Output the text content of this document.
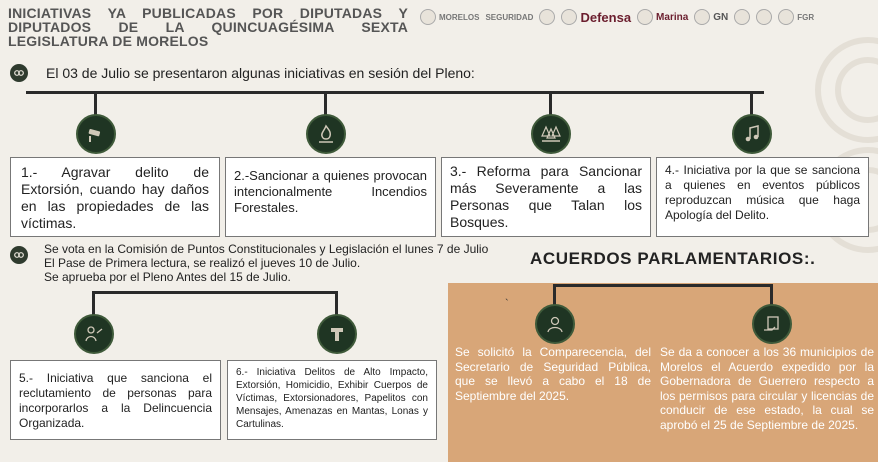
INICIATIVAS YA PUBLICADAS POR DIPUTADAS Y DIPUTADOS DE LA QUINCUAGÉSIMA SEXTA LEGISLATURA DE MORELOS
MORELOS SEGURIDAD	Defensa	Marina	GN	FGR
El 03 de Julio se presentaron algunas iniciativas en sesión del Pleno:
1.- Agravar delito de Extorsión, cuando hay daños en las propiedades de las víctimas.
2.-Sancionar a quienes provocan intencionalmente Incendios Forestales.
3.- Reforma para Sancionar más Severamente a las Personas que Talan los Bosques.
4.- Iniciativa por la que se sanciona a quienes en eventos públicos reproduzcan música que haga Apología del Delito.
Se vota en la Comisión de Puntos Constitucionales y Legislación el lunes 7 de Julio
El Pase de Primera lectura, se realizó el jueves 10 de Julio.
Se aprueba por el Pleno Antes del 15 de Julio.
5.- Iniciativa que sanciona el reclutamiento de personas para incorporarlos a la Delincuencia Organizada.
6.- Iniciativa Delitos de Alto Impacto, Extorsión, Homicidio, Exhibir Cuerpos de Víctimas, Extorsionadores, Papelitos con Mensajes, Amenazas en Mantas, Lonas y Cartulinas.
ACUERDOS PARLAMENTARIOS:.
`
Se solicitó la Comparecencia, del Secretario de Seguridad Pública, que se llevó a cabo el 18 de Septiembre del 2025.
Se da a conocer a los 36 municipios de Morelos el Acuerdo expedido por la Gobernadora de Guerrero respecto a los permisos para circular y licencias de conducir de ese estado, la cual se aprobó el 25 de Septiembre de 2025.
